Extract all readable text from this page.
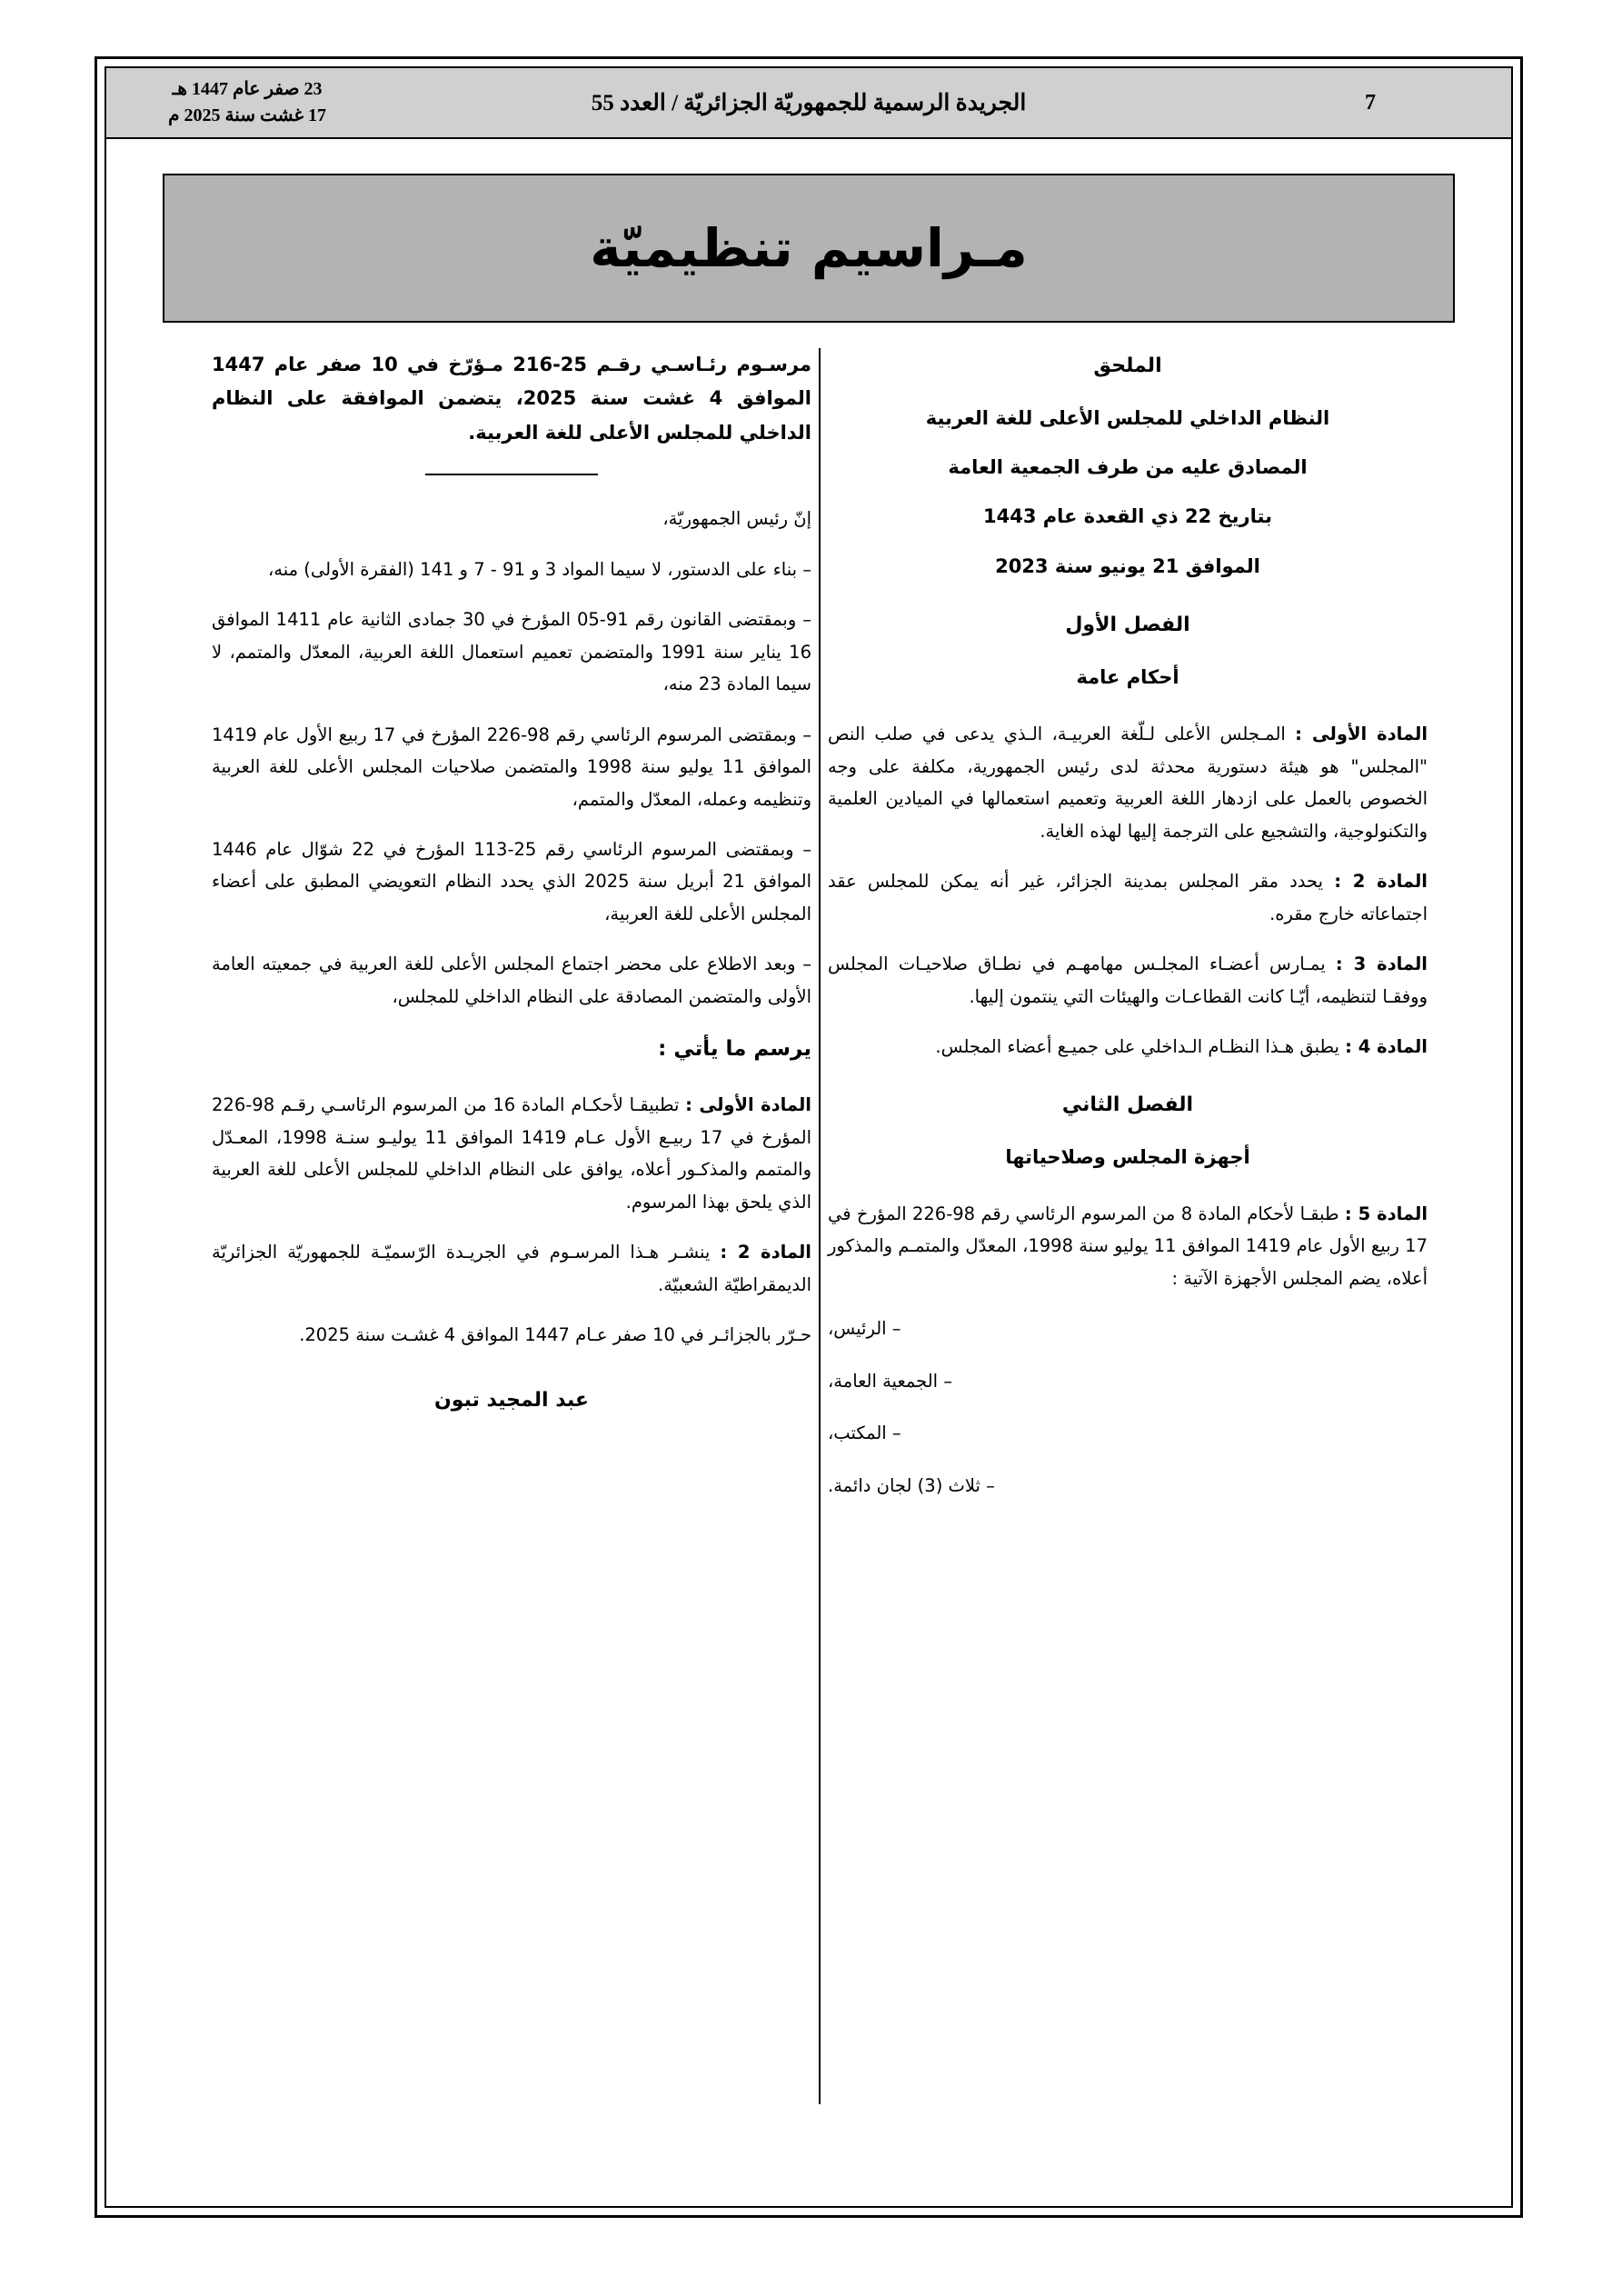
7
الجريدة الرسمية للجمهوريّة الجزائريّة / العدد 55
23 صفر عام 1447 هـ
17 غشت سنة 2025 م
مـراسيم تنظيميّة
الملحق
النظام الداخلي للمجلس الأعلى للغة العربية
المصادق عليه من طرف الجمعية العامة
بتاريخ 22 ذي القعدة عام 1443
الموافق 21 يونيو سنة 2023
الفصل الأول
أحكام عامة

المادة الأولى : المـجلس الأعلى لـلّغة العربيـة، الـذي يدعى في صلب النص "المجلس" هو هيئة دستورية محدثة لدى رئيس الجمهورية، مكلفة على وجه الخصوص بالعمل على ازدهار اللغة العربية وتعميم استعمالها في الميادين العلمية والتكنولوجية، والتشجيع على الترجمة إليها لهذه الغاية.

المادة 2 : يحدد مقر المجلس بمدينة الجزائر، غير أنه يمكن للمجلس عقد اجتماعاته خارج مقره.

المادة 3 : يمـارس أعضـاء المجلـس مهامهـم في نطـاق صلاحيـات المجلس ووفقـا لتنظيمه، أيّـا كانت القطاعـات والهيئات التي ينتمون إليها.

المادة 4 : يطبق هـذا النظـام الـداخلي على جميـع أعضاء المجلس.

الفصل الثاني
أجهزة المجلس وصلاحياتها

المادة 5 : طبقـا لأحكام المادة 8 من المرسوم الرئاسي رقم 98-226 المؤرخ في 17 ربيع الأول عام 1419 الموافق 11 يوليو سنة 1998، المعدّل والمتمـم والمذكور أعلاه، يضم المجلس الأجهزة الآتية :

– الرئيس،

– الجمعية العامة،

– المكتب،

– ثلاث (3) لجان دائمة.

مرسـوم رئـاسـي رقـم 25-216 مـؤرّخ في 10 صفر عام 1447 الموافق 4 غشت سنة 2025، يتضمن الموافقة على النظام الداخلي للمجلس الأعلى للغة العربية.

إنّ رئيس الجمهوريّة،

– بناء على الدستور، لا سيما المواد 3 و 91 - 7 و 141 (الفقرة الأولى) منه،

– وبمقتضى القانون رقم 91-05 المؤرخ في 30 جمادى الثانية عام 1411 الموافق 16 يناير سنة 1991 والمتضمن تعميم استعمال اللغة العربية، المعدّل والمتمم، لا سيما المادة 23 منه،

– وبمقتضى المرسوم الرئاسي رقم 98-226 المؤرخ في 17 ربيع الأول عام 1419 الموافق 11 يوليو سنة 1998 والمتضمن صلاحيات المجلس الأعلى للغة العربية وتنظيمه وعمله، المعدّل والمتمم،

– وبمقتضى المرسوم الرئاسي رقم 25-113 المؤرخ في 22 شوّال عام 1446 الموافق 21 أبريل سنة 2025 الذي يحدد النظام التعويضي المطبق على أعضاء المجلس الأعلى للغة العربية،

– وبعد الاطلاع على محضر اجتماع المجلس الأعلى للغة العربية في جمعيته العامة الأولى والمتضمن المصادقة على النظام الداخلي للمجلس،

يرسم ما يأتي :

المادة الأولى : تطبيقـا لأحكـام المادة 16 من المرسوم الرئاسـي رقـم 98-226 المؤرخ في 17 ربيـع الأول عـام 1419 الموافق 11 يوليـو سنـة 1998، المعـدّل والمتمم والمذكـور أعلاه، يوافق على النظام الداخلي للمجلس الأعلى للغة العربية الذي يلحق بهذا المرسوم.

المادة 2 : ينشـر هـذا المرسـوم في الجريـدة الرّسميّـة للجمهوريّة الجزائريّة الديمقراطيّة الشعبيّة.

حـرّر بالجزائـر في 10 صفر عـام 1447 الموافق 4 غشـت سنة 2025.

عبد المجيد تبون
